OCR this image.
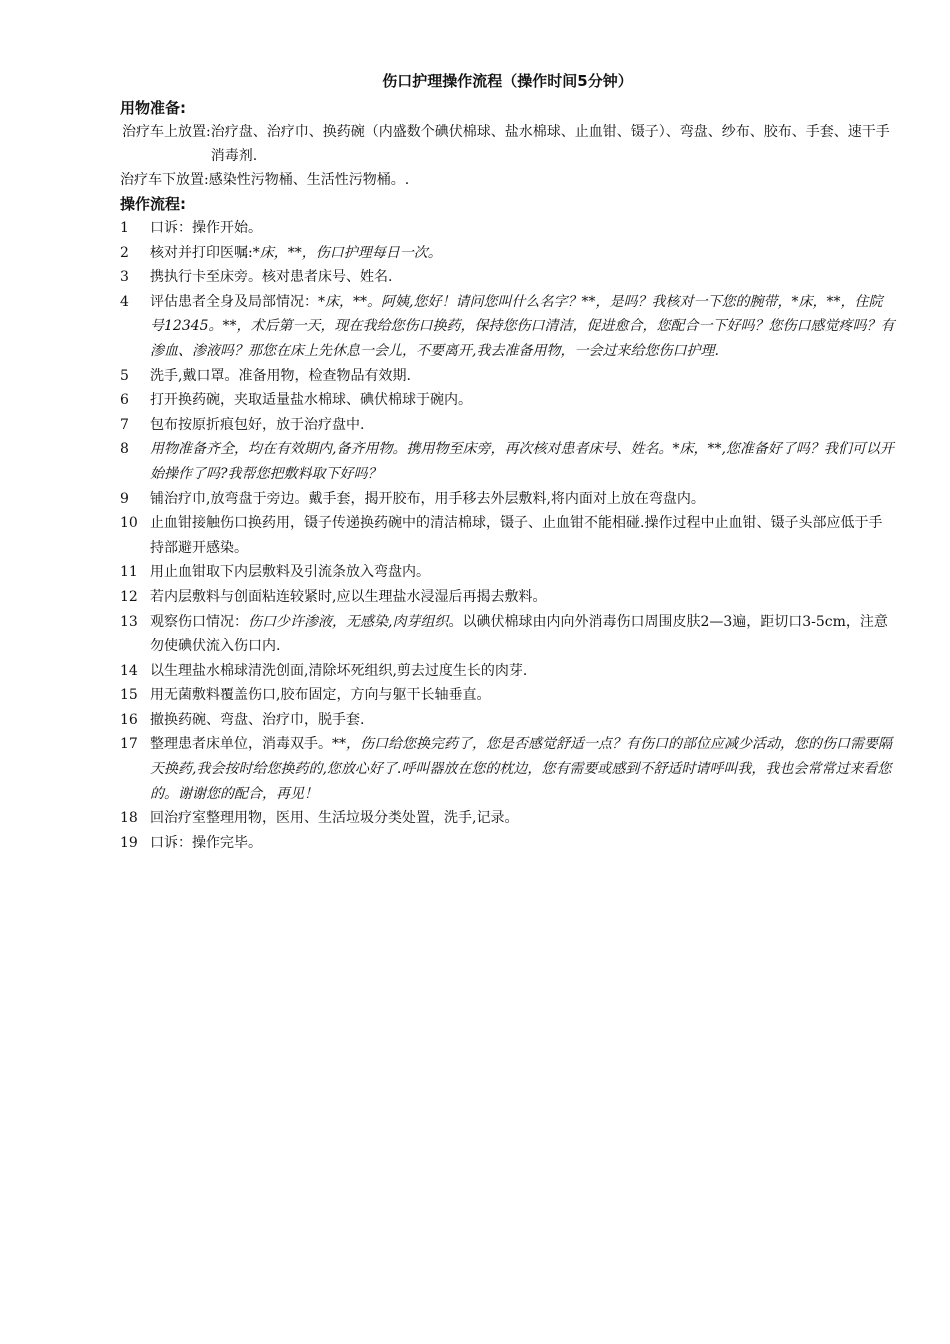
伤口护理操作流程（操作时间5分钟）
用物准备:
治疗车上放置: 治疗盘、治疗巾、换药碗（内盛数个碘伏棉球、盐水棉球、止血钳、镊子）、弯盘、纱布、胶布、手套、速干手消毒剂.
治疗车下放置:感染性污物桶、生活性污物桶。.
操作流程:
1	口诉：操作开始。
2	核对并打印医嘱:*床，**，伤口护理每日一次。
3	携执行卡至床旁。核对患者床号、姓名.
4	评估患者全身及局部情况：*床，**。阿姨,您好！请问您叫什么名字？**，是吗？我核对一下您的腕带，*床，**，住院号12345。**，术后第一天，现在我给您伤口换药，保持您伤口清洁，促进愈合，您配合一下好吗？您伤口感觉疼吗？有渗血、渗液吗？那您在床上先休息一会儿，不要离开,我去准备用物，一会过来给您伤口护理.
5	洗手,戴口罩。准备用物，检查物品有效期.
6	打开换药碗，夹取适量盐水棉球、碘伏棉球于碗内。
7	包布按原折痕包好，放于治疗盘中.
8	用物准备齐全，均在有效期内,备齐用物。携用物至床旁，再次核对患者床号、姓名。*床，**,您准备好了吗？我们可以开始操作了吗?我帮您把敷料取下好吗？
9	铺治疗巾,放弯盘于旁边。戴手套，揭开胶布，用手移去外层敷料,将内面对上放在弯盘内。
10 止血钳接触伤口换药用，镊子传递换药碗中的清洁棉球，镊子、止血钳不能相碰.操作过程中止血钳、镊子头部应低于手持部避开感染。
11 用止血钳取下内层敷料及引流条放入弯盘内。
12 若内层敷料与创面粘连较紧时,应以生理盐水浸湿后再揭去敷料。
13 观察伤口情况：伤口少许渗液，无感染,肉芽组织。以碘伏棉球由内向外消毒伤口周围皮肤2—3遍，距切口3-5cm，注意勿使碘伏流入伤口内.
14 以生理盐水棉球清洗创面,清除坏死组织,剪去过度生长的肉芽.
15 用无菌敷料覆盖伤口,胶布固定，方向与躯干长轴垂直。
16 撤换药碗、弯盘、治疗巾，脱手套.
17 整理患者床单位，消毒双手。**，伤口给您换完药了，您是否感觉舒适一点？有伤口的部位应减少活动，您的伤口需要隔天换药,我会按时给您换药的,您放心好了.呼叫器放在您的枕边，您有需要或感到不舒适时请呼叫我，我也会常常过来看您的。谢谢您的配合，再见！
18 回治疗室整理用物，医用、生活垃圾分类处置，洗手,记录。
19 口诉：操作完毕。
